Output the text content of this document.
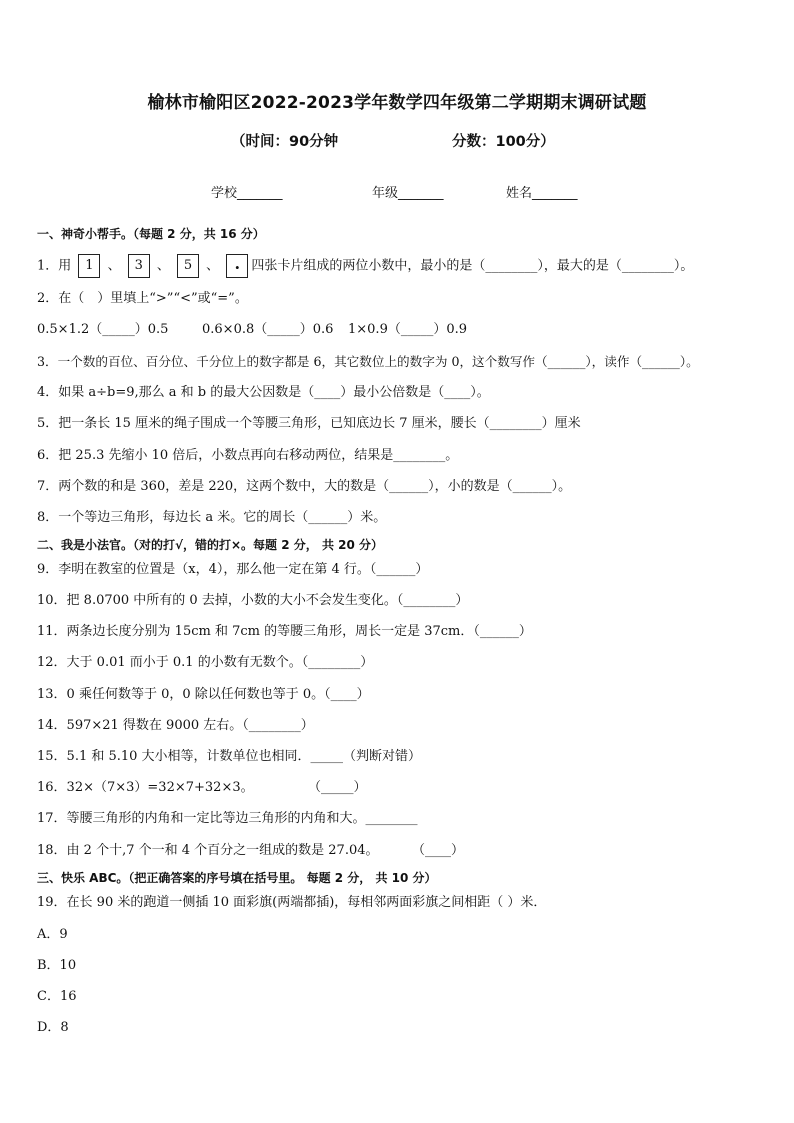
榆林市榆阳区2022-2023学年数学四年级第二学期期末调研试题
（时间：90分钟	分数：100分）
学校_______	年级_______	姓名_______
一、神奇小帮手。（每题 2 分，共 16 分）
1．用 1 、 3 、 5 、 . 四张卡片组成的两位小数中，最小的是（________），最大的是（________）。
2．在（　）里填上“>”“<”或“=”。
0.5×1.2（_____）0.5	0.6×0.8（_____）0.6 1×0.9（_____）0.9
3．一个数的百位、百分位、千分位上的数字都是 6，其它数位上的数字为 0，这个数写作（______），读作（______）。
4．如果 a÷b=9,那么 a 和 b 的最大公因数是（____）最小公倍数是（____）。
5．把一条长 15 厘米的绳子围成一个等腰三角形，已知底边长 7 厘米，腰长（________）厘米
6．把 25.3 先缩小 10 倍后，小数点再向右移动两位，结果是________。
7．两个数的和是 360，差是 220，这两个数中，大的数是（______），小的数是（______）。
8．一个等边三角形，每边长 a 米。它的周长（______）米。
二、我是小法官。（对的打√，错的打×。每题 2 分， 共 20 分）
9．李明在教室的位置是（x，4），那么他一定在第 4 行。（______）
10．把 8.0700 中所有的 0 去掉，小数的大小不会发生变化。（________）
11．两条边长度分别为 15cm 和 7cm 的等腰三角形，周长一定是 37cm．（______）
12．大于 0.01 而小于 0.1 的小数有无数个。（________）
13．0 乘任何数等于 0，0 除以任何数也等于 0。（____）
14．597×21 得数在 9000 左右。（________）
15．5.1 和 5.10 大小相等，计数单位也相同．_____（判断对错）
16．32×（7×3）=32×7+32×3。	（_____）
17．等腰三角形的内角和一定比等边三角形的内角和大。________
18．由 2 个十,7 个一和 4 个百分之一组成的数是 27.04。	（____）
三、快乐 ABC。（把正确答案的序号填在括号里。 每题 2 分， 共 10 分）
19．在长 90 米的跑道一侧插 10 面彩旗(两端都插)，每相邻两面彩旗之间相距（ ）米．
A．9
B．10
C．16
D．8
